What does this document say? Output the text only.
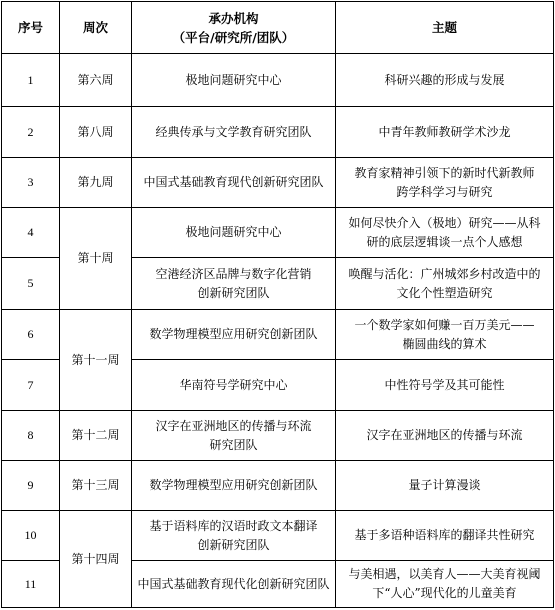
序号	周次	承办机构
（平台/研究所/团队）	主题
1	第六周	极地问题研究中心	科研兴趣的形成与发展

2	第八周	经典传承与文学教育研究团队	中青年教师教研学术沙龙

3	第九周	中国式基础教育现代创新研究团队	教育家精神引领下的新时代新教师
跨学科学习与研究

4	第十周	极地问题研究中心	如何尽快介入（极地）研究——从科
研的底层逻辑谈一点个人感想

5		空港经济区品牌与数字化营销
创新研究团队	唤醒与活化：广州城郊乡村改造中的
文化个性塑造研究

6	第十一周	数学物理模型应用研究创新团队	一个数学家如何赚一百万美元——
椭圆曲线的算术

7		华南符号学研究中心	中性符号学及其可能性

8	第十二周	汉字在亚洲地区的传播与环流
研究团队	汉字在亚洲地区的传播与环流

9	第十三周	数学物理模型应用研究创新团队	量子计算漫谈

10	第十四周	基于语料库的汉语时政文本翻译
创新研究团队	基于多语种语料库的翻译共性研究

11		中国式基础教育现代化创新研究团队	与美相遇，以美育人——大美育视阈
下“人心”现代化的儿童美育
